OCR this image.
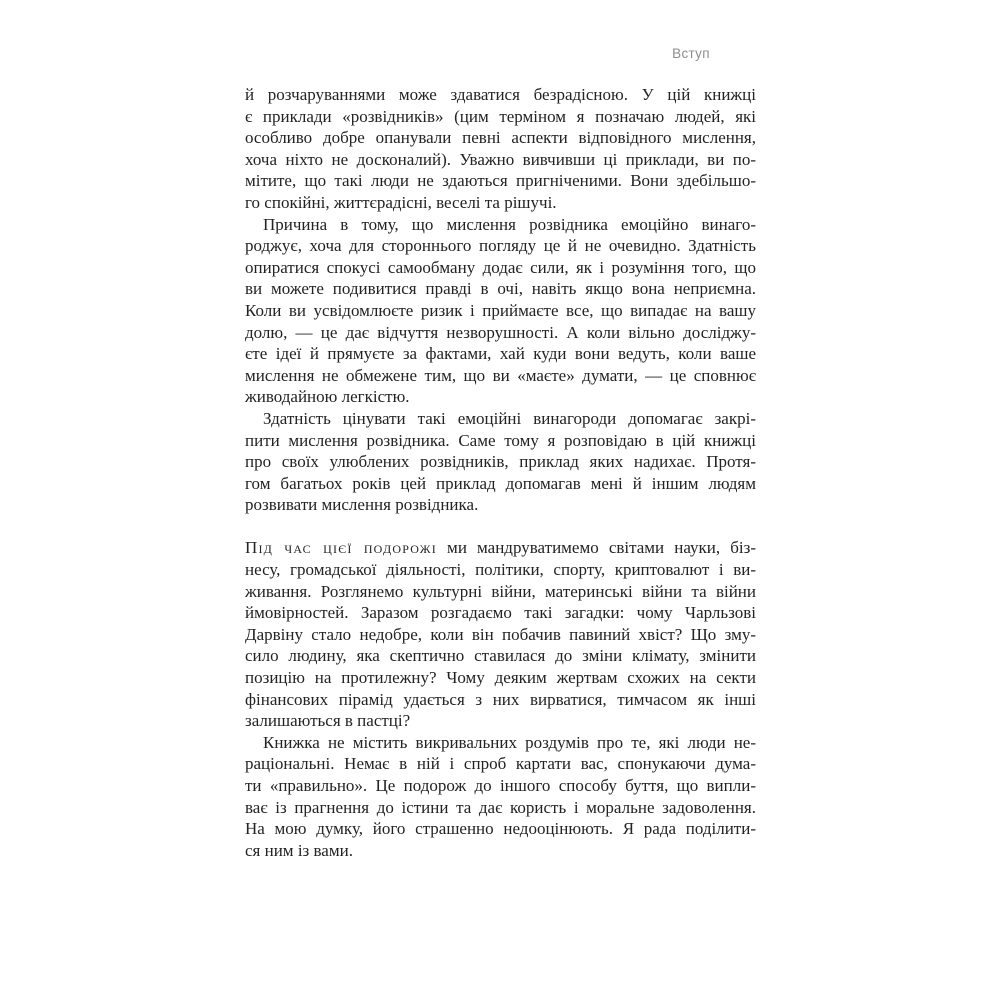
Вступ
й розчаруваннями може здаватися безрадісною. У цій книжці
є приклади «розвідників» (цим терміном я позначаю людей, які
особливо добре опанували певні аспекти відповідного мислення,
хоча ніхто не досконалий). Уважно вивчивши ці приклади, ви по-
мітите, що такі люди не здаються пригніченими. Вони здебільшо-
го спокійні, життєрадісні, веселі та рішучі.
Причина в тому, що мислення розвідника емоційно винаго-
роджує, хоча для стороннього погляду це й не очевидно. Здатність
опиратися спокусі самообману додає сили, як і розуміння того, що
ви можете подивитися правді в очі, навіть якщо вона неприємна.
Коли ви усвідомлюєте ризик і приймаєте все, що випадає на вашу
долю, — це дає відчуття незворушності. А коли вільно досліджу-
єте ідеї й прямуєте за фактами, хай куди вони ведуть, коли ваше
мислення не обмежене тим, що ви «маєте» думати, — це сповнює
живодайною легкістю.
Здатність цінувати такі емоційні винагороди допомагає закрі-
пити мислення розвідника. Саме тому я розповідаю в цій книжці
про своїх улюблених розвідників, приклад яких надихає. Протя-
гом багатьох років цей приклад допомагав мені й іншим людям
розвивати мислення розвідника.
Під час цієї подорожі ми мандруватимемо світами науки, біз-
несу, громадської діяльності, політики, спорту, криптовалют і ви-
живання. Розглянемо культурні війни, материнські війни та війни
ймовірностей. Заразом розгадаємо такі загадки: чому Чарльзові
Дарвіну стало недобре, коли він побачив павиний хвіст? Що зму-
сило людину, яка скептично ставилася до зміни клімату, змінити
позицію на протилежну? Чому деяким жертвам схожих на секти
фінансових пірамід удається з них вирватися, тимчасом як інші
залишаються в пастці?
Книжка не містить викривальних роздумів про те, які люди не-
раціональні. Немає в ній і спроб картати вас, спонукаючи дума-
ти «правильно». Це подорож до іншого способу буття, що випли-
ває із прагнення до істини та дає користь і моральне задоволення.
На мою думку, його страшенно недооцінюють. Я рада поділити-
ся ним із вами.
